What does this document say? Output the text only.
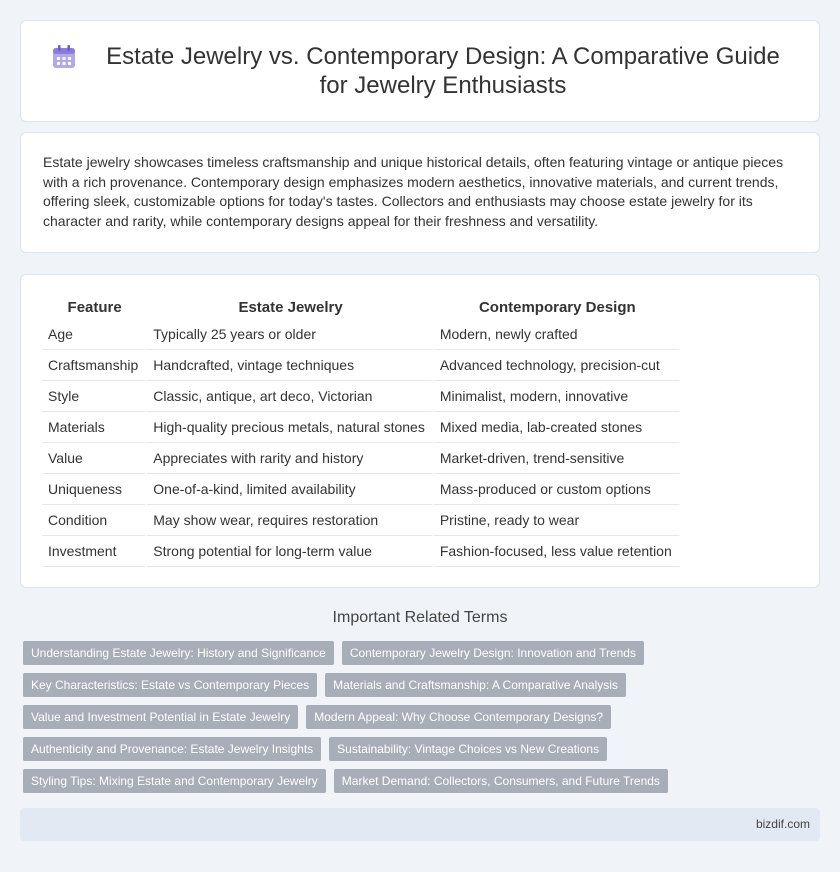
Estate Jewelry vs. Contemporary Design: A Comparative Guide for Jewelry Enthusiasts

Estate jewelry showcases timeless craftsmanship and unique historical details, often featuring vintage or antique pieces with a rich provenance. Contemporary design emphasizes modern aesthetics, innovative materials, and current trends, offering sleek, customizable options for today's tastes. Collectors and enthusiasts may choose estate jewelry for its character and rarity, while contemporary designs appeal for their freshness and versatility.

Feature	Estate Jewelry	Contemporary Design
Age	Typically 25 years or older	Modern, newly crafted
Craftsmanship	Handcrafted, vintage techniques	Advanced technology, precision-cut
Style	Classic, antique, art deco, Victorian	Minimalist, modern, innovative
Materials	High-quality precious metals, natural stones	Mixed media, lab-created stones
Value	Appreciates with rarity and history	Market-driven, trend-sensitive
Uniqueness	One-of-a-kind, limited availability	Mass-produced or custom options
Condition	May show wear, requires restoration	Pristine, ready to wear
Investment	Strong potential for long-term value	Fashion-focused, less value retention
Important Related Terms
Understanding Estate Jewelry: History and Significance	Contemporary Jewelry Design: Innovation and Trends
Key Characteristics: Estate vs Contemporary Pieces	Materials and Craftsmanship: A Comparative Analysis
Value and Investment Potential in Estate Jewelry	Modern Appeal: Why Choose Contemporary Designs?
Authenticity and Provenance: Estate Jewelry Insights	Sustainability: Vintage Choices vs New Creations
Styling Tips: Mixing Estate and Contemporary Jewelry	Market Demand: Collectors, Consumers, and Future Trends
bizdif.com
